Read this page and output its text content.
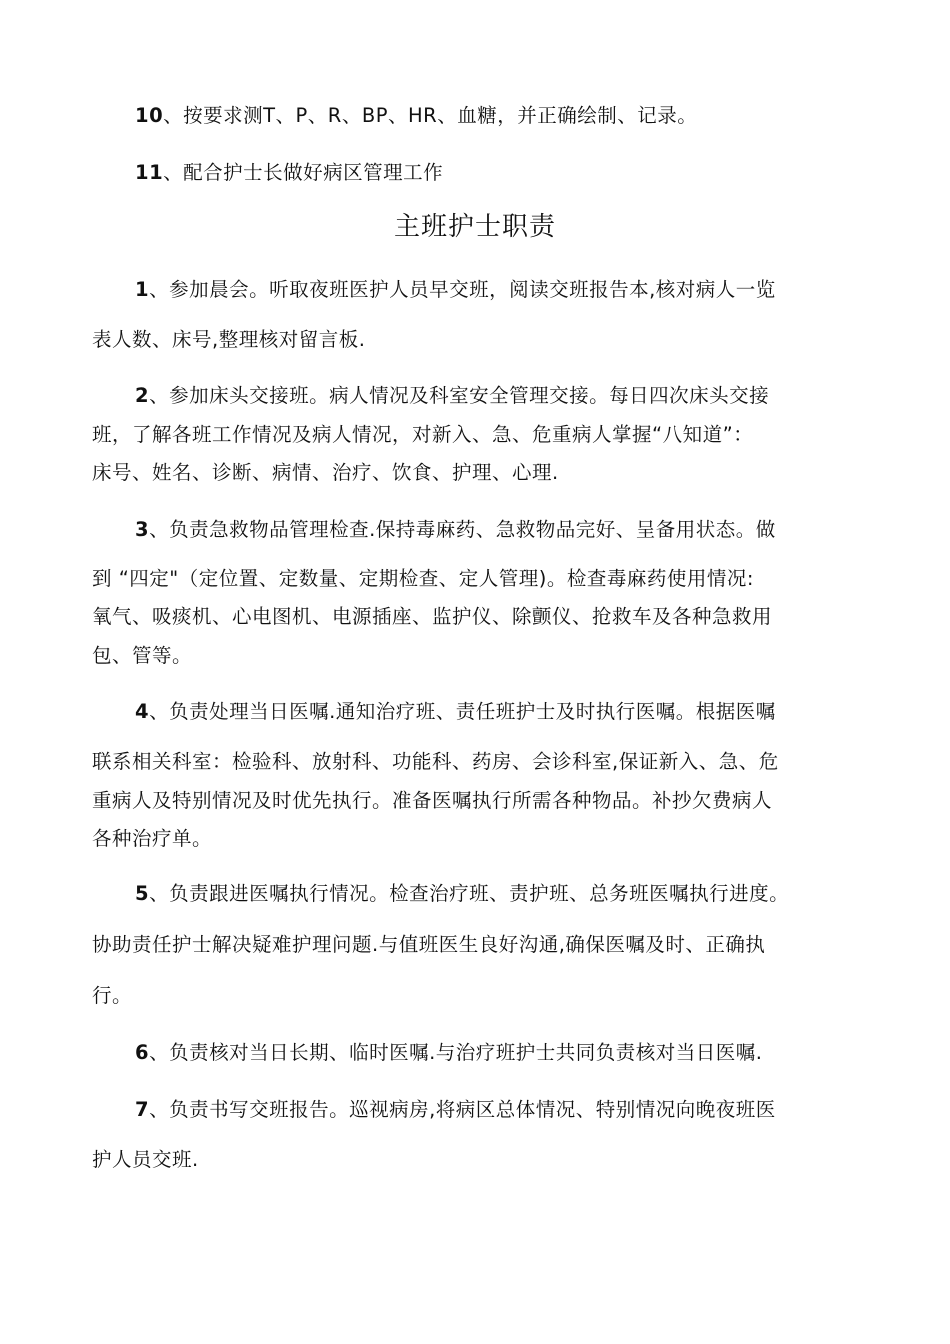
10、按要求测T、P、R、BP、HR、血糖，并正确绘制、记录。

11、配合护士长做好病区管理工作

主班护士职责

1、参加晨会。听取夜班医护人员早交班，阅读交班报告本,核对病人一览

表人数、床号,整理核对留言板.

2、参加床头交接班。病人情况及科室安全管理交接。每日四次床头交接

班，了解各班工作情况及病人情况，对新入、急、危重病人掌握“八知道”：

床号、姓名、诊断、病情、治疗、饮食、护理、心理.

3、负责急救物品管理检查.保持毒麻药、急救物品完好、呈备用状态。做

到 “四定"（定位置、定数量、定期检查、定人管理)。检查毒麻药使用情况:

氧气、吸痰机、心电图机、电源插座、监护仪、除颤仪、抢救车及各种急救用

包、管等。

4、负责处理当日医嘱.通知治疗班、责任班护士及时执行医嘱。根据医嘱

联系相关科室：检验科、放射科、功能科、药房、会诊科室,保证新入、急、危

重病人及特别情况及时优先执行。准备医嘱执行所需各种物品。补抄欠费病人

各种治疗单。

5、负责跟进医嘱执行情况。检查治疗班、责护班、总务班医嘱执行进度。

协助责任护士解决疑难护理问题.与值班医生良好沟通,确保医嘱及时、正确执

行。

6、负责核对当日长期、临时医嘱.与治疗班护士共同负责核对当日医嘱.

7、负责书写交班报告。巡视病房,将病区总体情况、特别情况向晚夜班医

护人员交班.
